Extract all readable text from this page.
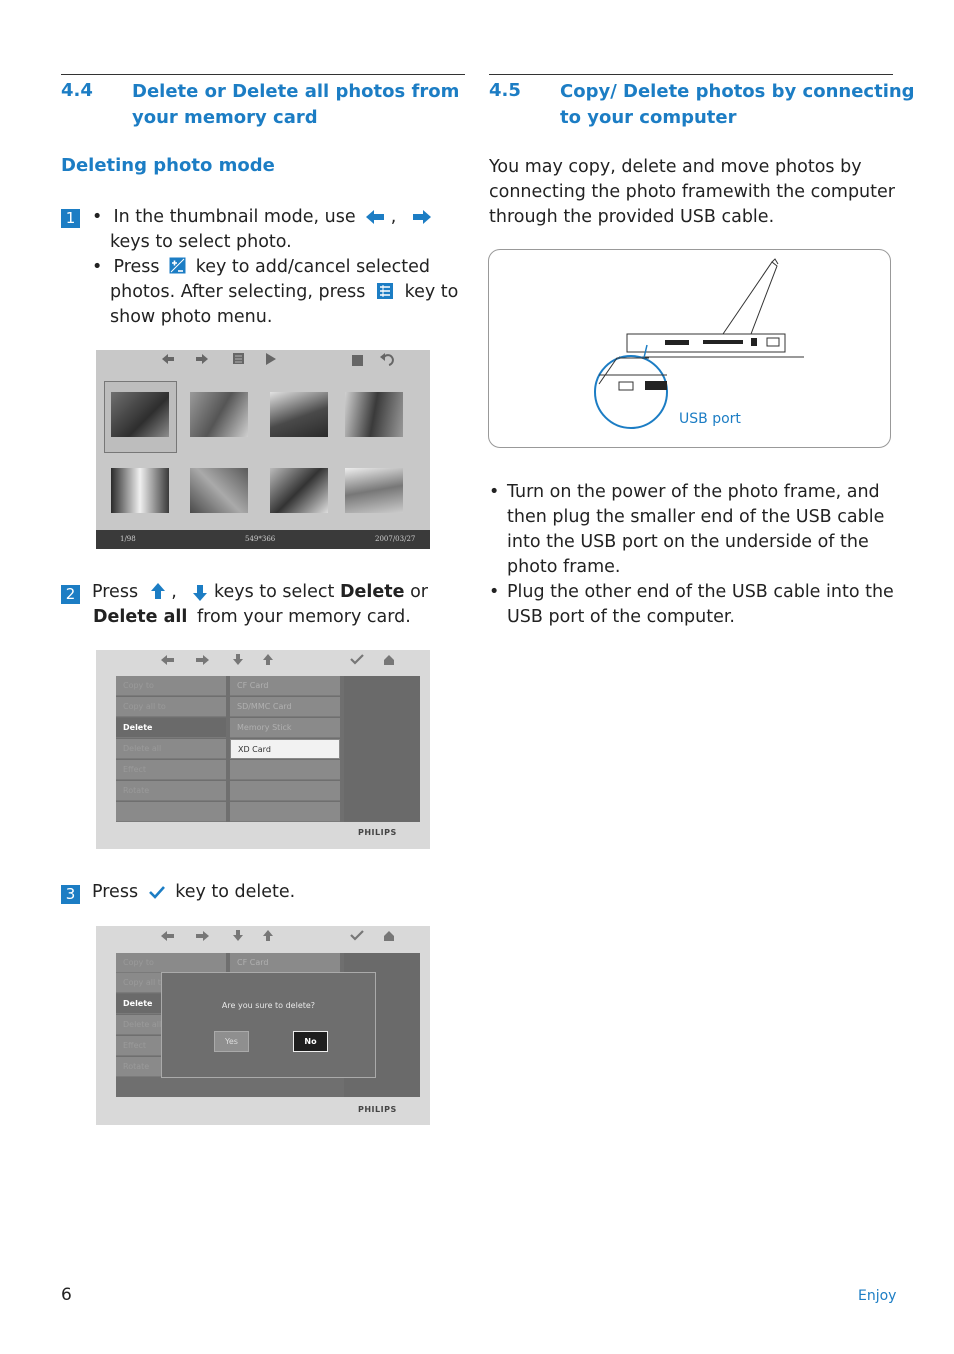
4.4 Delete or Delete all photos from
your memory card
Deleting photo mode
1 • In the thumbnail mode, use ,
keys to select photo.
• Press key to add/cancel selected
photos. After selecting, press key to
show photo menu.
1/98	549*366	2007/03/27
2 Press , keys to select Delete or
Delete all from your memory card.
Copy to
Copy all to
Delete
Delete all
Effect
Rotate
CF Card
SD/MMC Card
Memory Stick
XD Card
PHILIPS
3 Press key to delete.
Copy to
Copy all t
Delete
Delete all
Effect
Rotate
CF Card
Are you sure to delete?
Yes	No
PHILIPS
4.5 Copy/ Delete photos by connecting
to your computer
You may copy, delete and move photos by
connecting the photo framewith the computer
through the provided USB cable.
USB port
• Turn on the power of the photo frame, and
then plug the smaller end of the USB cable
into the USB port on the underside of the
photo frame.
• Plug the other end of the USB cable into the
USB port of the computer.
6	Enjoy
